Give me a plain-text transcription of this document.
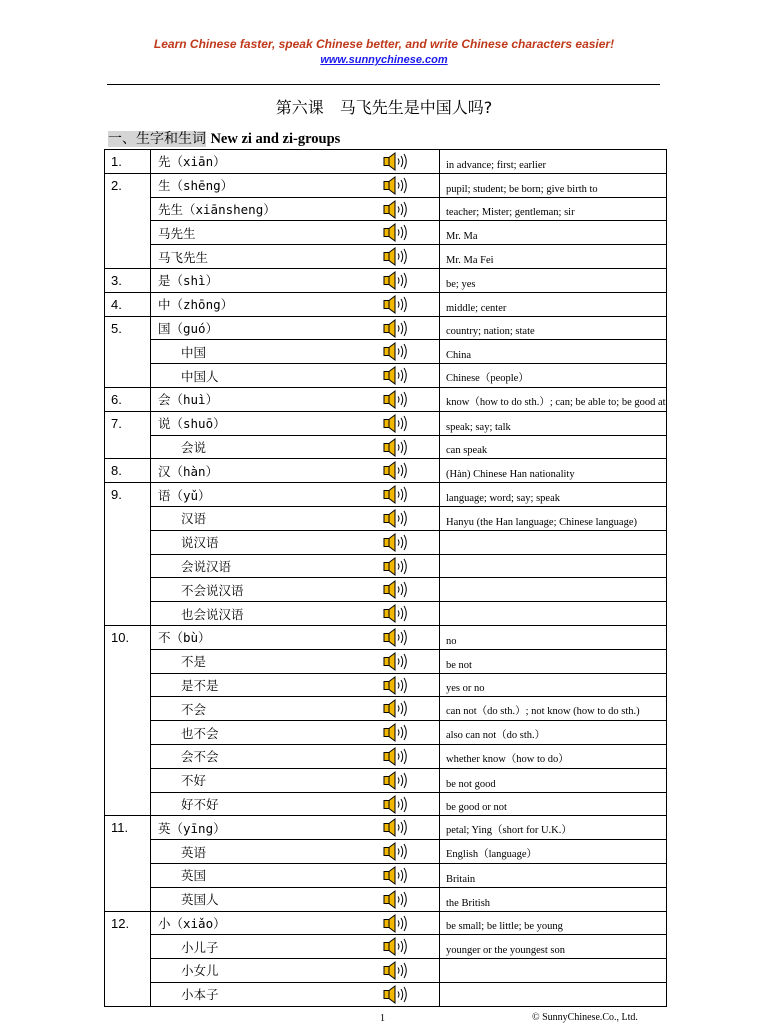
Learn Chinese faster, speak Chinese better, and write Chinese characters easier!
www.sunnychinese.com
第六课　马飞先生是中国人吗?
一、生字和生词 New zi and zi-groups
1.	先（xiān）		in advance; first; earlier

2.	生（shēng）		pupil; student; be born; give birth to

	先生（xiānsheng）		teacher; Mister; gentleman; sir

	马先生		Mr. Ma

	马飞先生		Mr. Ma Fei

3.	是（shì）		be; yes

4.	中（zhōng）		middle; center

5.	国（guó）		country; nation; state

	中国		China

	中国人		Chinese（people）

6.	会（huì）		know（how to do sth.）; can; be able to; be good at

7.	说（shuō）		speak; say; talk

	会说		can speak

8.	汉（hàn）		(Hàn) Chinese Han nationality

9.	语（yǔ）		language; word; say; speak

	汉语		Hanyu (the Han language; Chinese language)

	说汉语

	会说汉语

	不会说汉语

	也会说汉语

10.	不（bù）		no

	不是		be not

	是不是		yes or no

	不会		can not（do sth.）; not know (how to do sth.)

	也不会		also can not（do sth.）

	会不会		whether know（how to do）

	不好		be not good

	好不好		be good or not

11.	英（yīng）		petal; Ying（short for U.K.）

	英语		English（language）

	英国		Britain

	英国人		the British

12.	小（xiǎo）		be small; be little; be young

	小儿子		younger or the youngest son

	小女儿

	小本子

1	© SunnyChinese.Co., Ltd.
